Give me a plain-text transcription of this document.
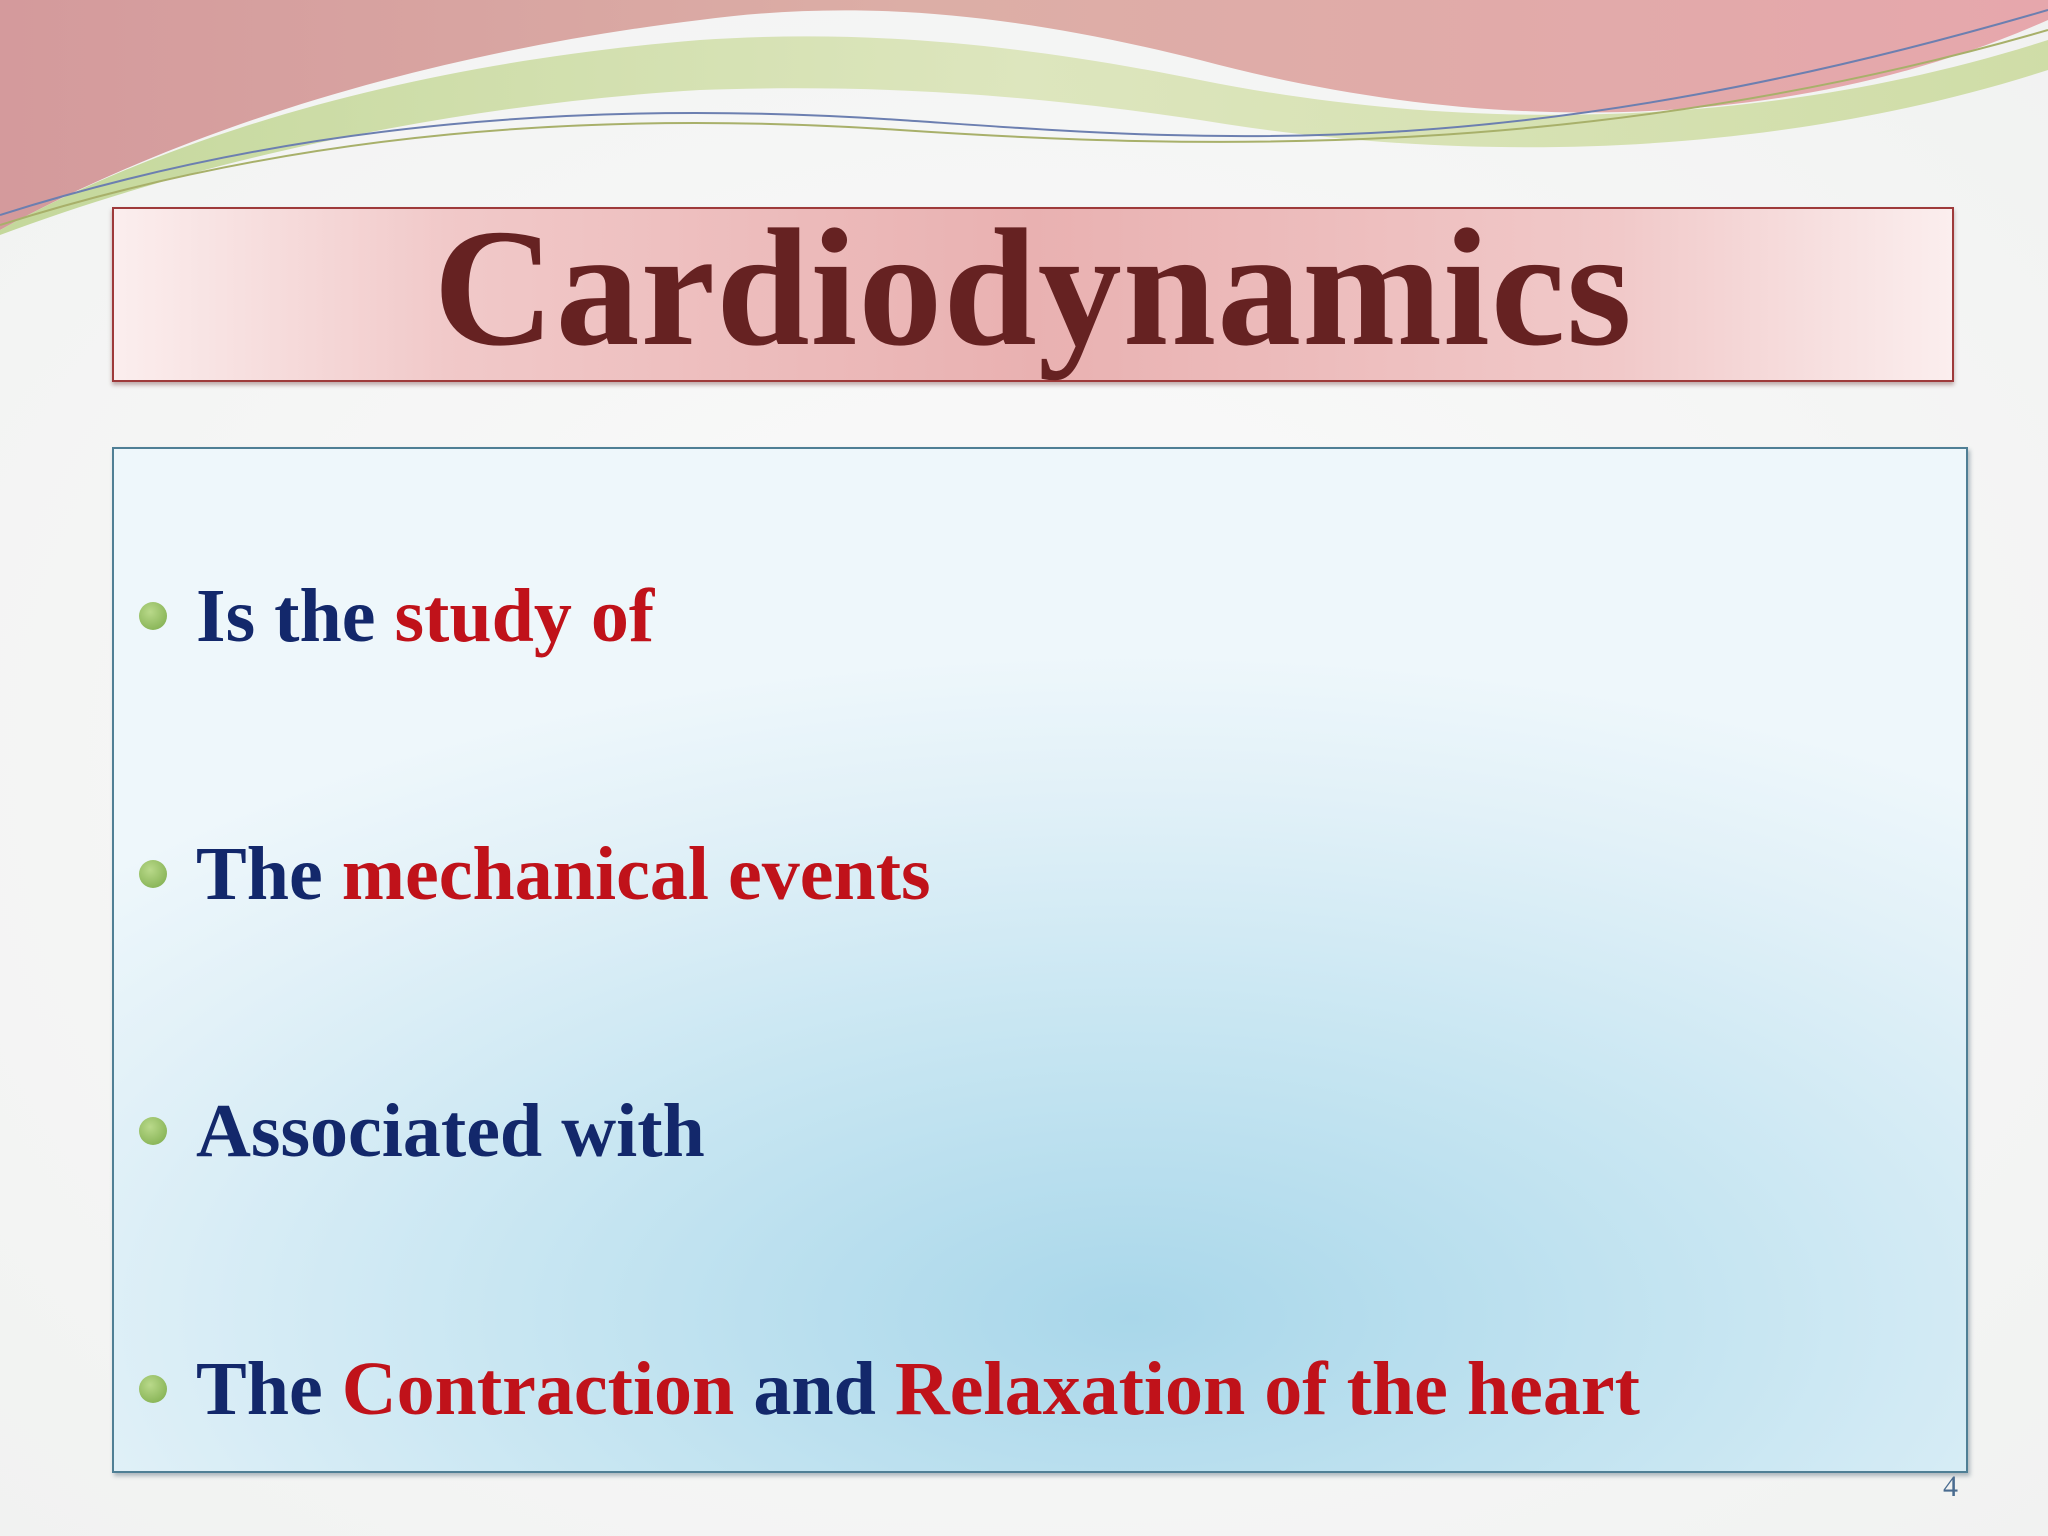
Cardiodynamics
Is the study of
The mechanical events
Associated with
The Contraction and Relaxation of the heart
4
